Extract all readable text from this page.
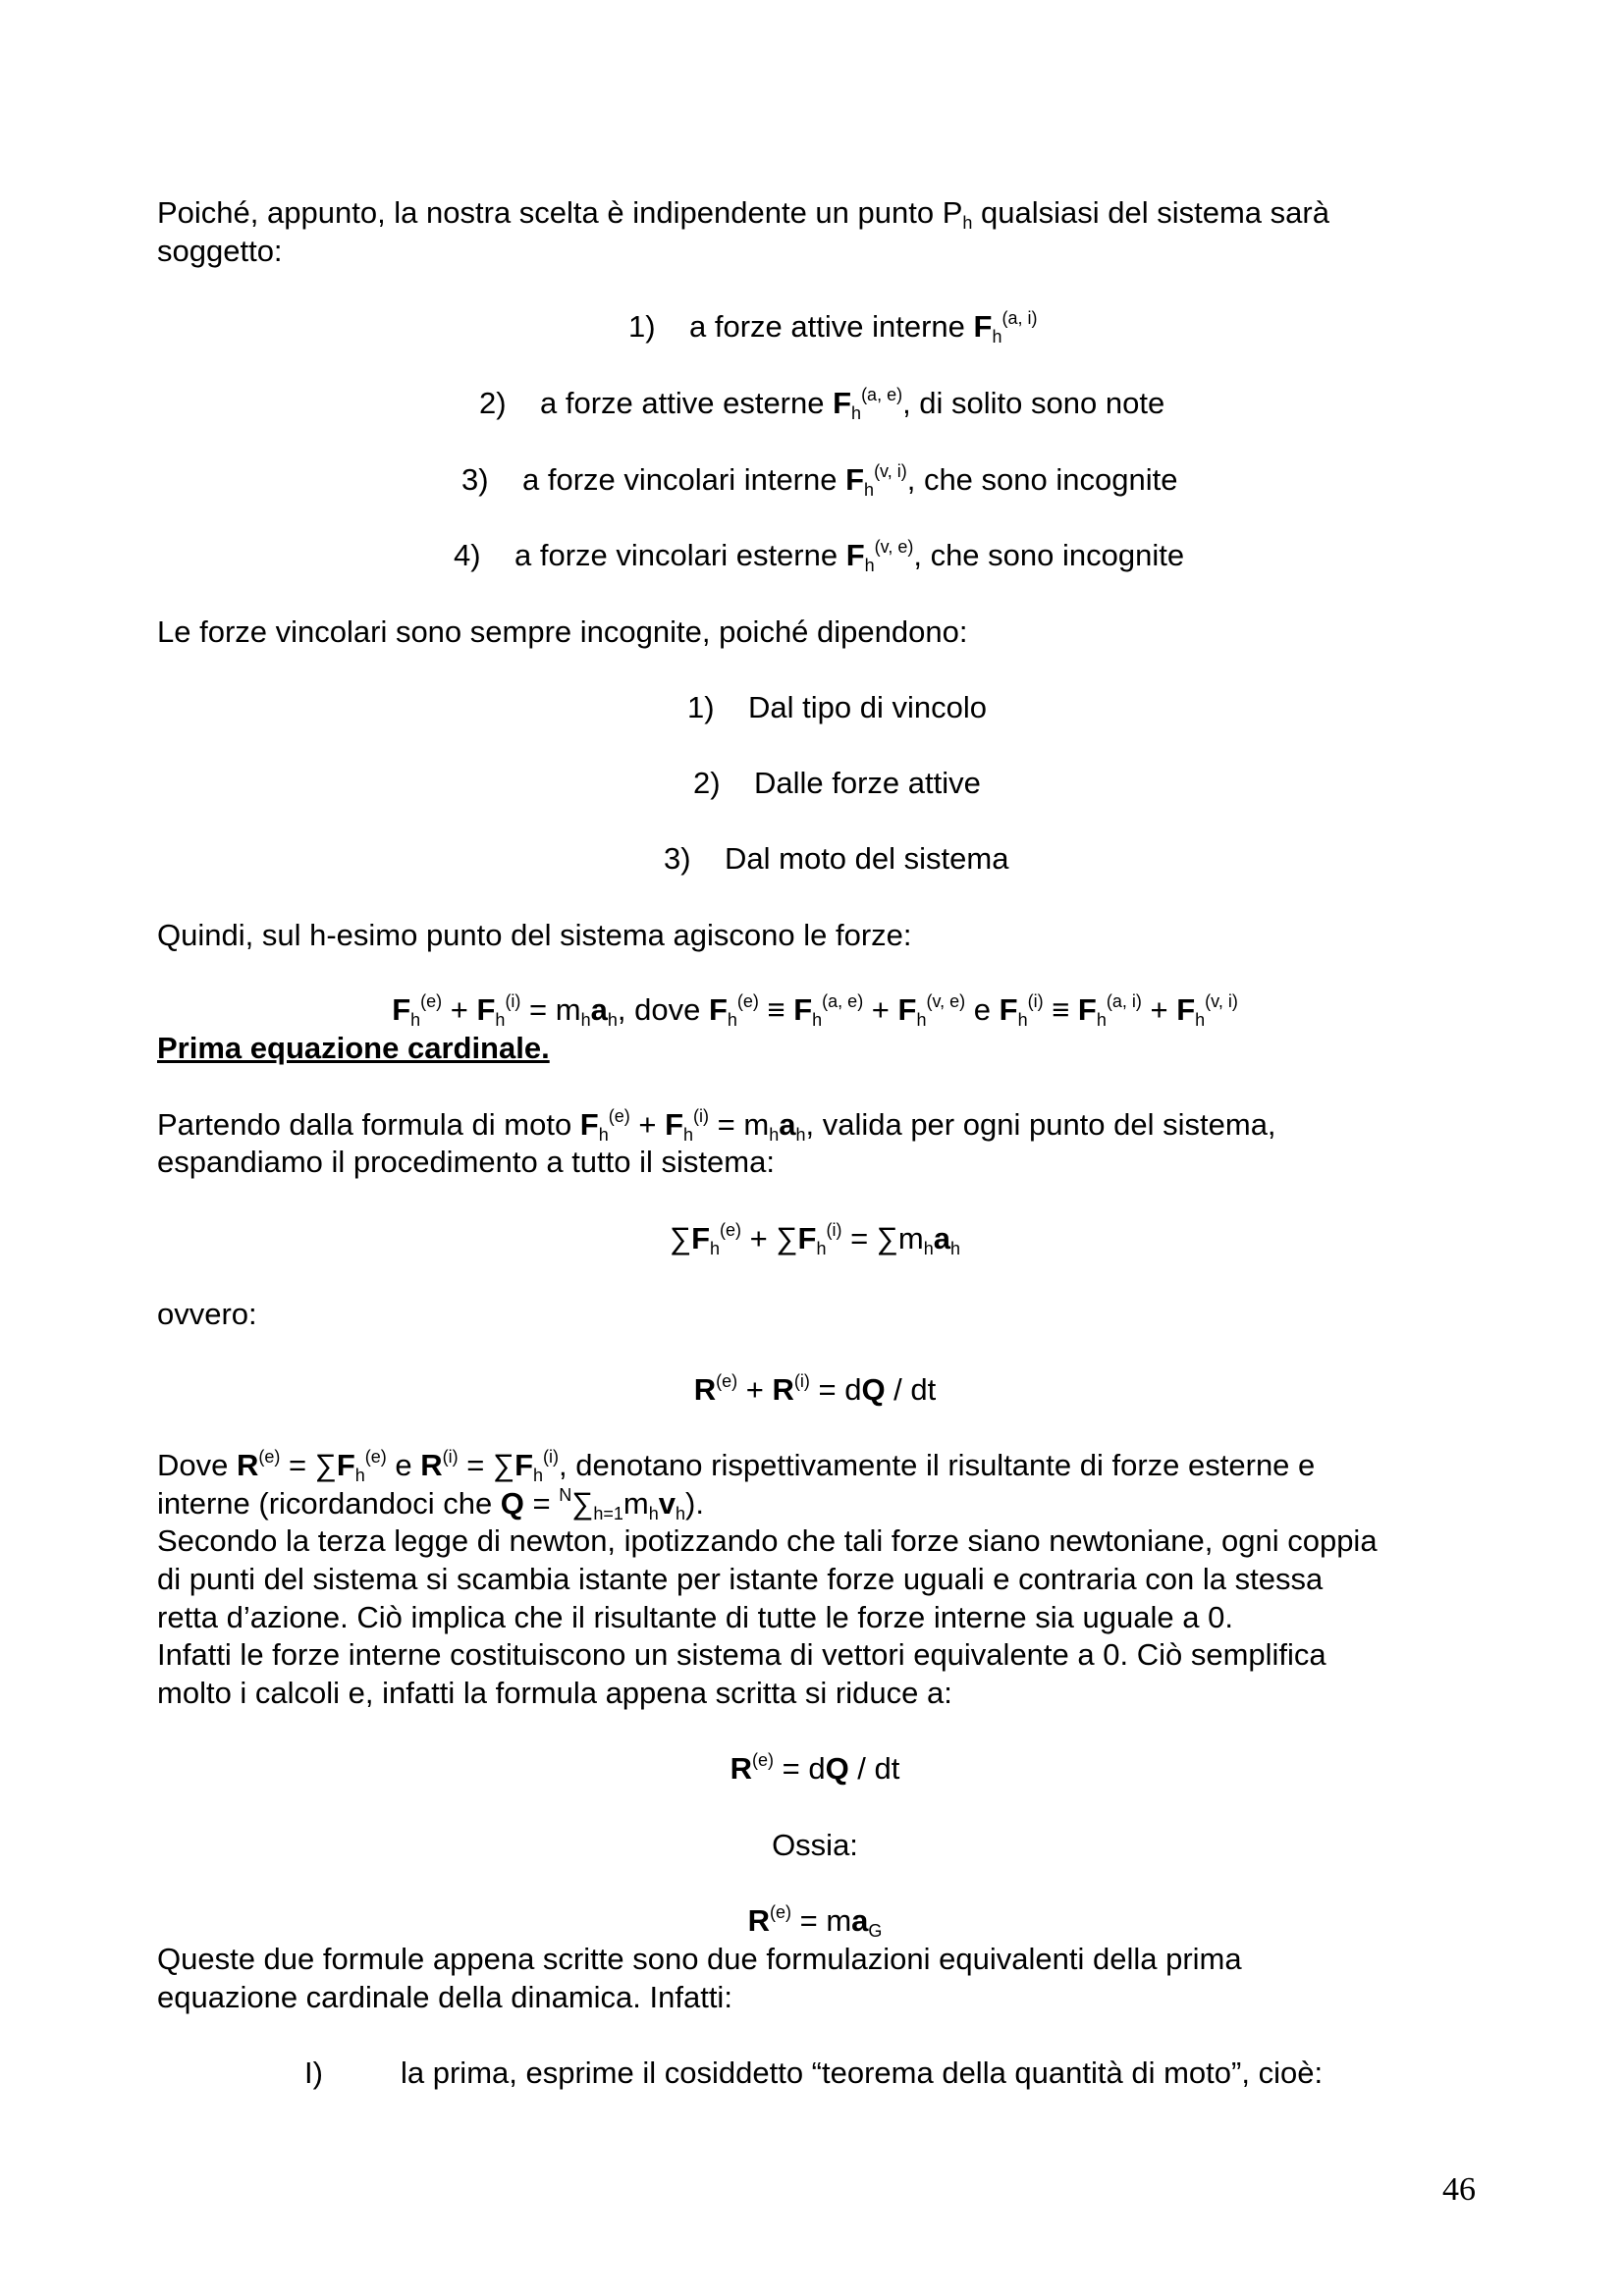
Poiché, appunto, la nostra scelta è indipendente un punto $P_h$ qualsiasi del sistema sarà
soggetto:
1) a forze attive interne $F_h^{(a, i)}$
2) a forze attive esterne $F_h^{(a, e)}$, di solito sono note
3) a forze vincolari interne $F_h^{(v, i)}$, che sono incognite
4) a forze vincolari esterne $F_h^{(v, e)}$, che sono incognite
Le forze vincolari sono sempre incognite, poiché dipendono:
1) Dal tipo di vincolo
2) Dalle forze attive
3) Dal moto del sistema
Quindi, sul h-esimo punto del sistema agiscono le forze:
$F_h^{(e)} + F_h^{(i)} = m_ha_h$, dove $F_h^{(e)} \equiv F_h^{(a, e)} + F_h^{(v, e)}$ e $F_h^{(i)} \equiv F_h^{(a, i)} + F_h^{(v, i)}$
Prima equazione cardinale.
Partendo dalla formula di moto $F_h^{(e)} + F_h^{(i)} = m_ha_h$, valida per ogni punto del sistema,
espandiamo il procedimento a tutto il sistema:
$\sum F_h^{(e)} + \sum F_h^{(i)} = \sum m_ha_h$
ovvero:
$R^{(e)} + R^{(i)}$ = dQ / dt
Dove $R^{(e)} = \sum F_h^{(e)}$ e $R^{(i)} = \sum F_h^{(i)}$, denotano rispettivamente il risultante di forze esterne e
interne (ricordandoci che $Q = ^N\sum_{h=1}m_hv_h$).
Secondo la terza legge di newton, ipotizzando che tali forze siano newtoniane, ogni coppia
di punti del sistema si scambia istante per istante forze uguali e contraria con la stessa
retta d’azione. Ciò implica che il risultante di tutte le forze interne sia uguale a 0.
Infatti le forze interne costituiscono un sistema di vettori equivalente a 0. Ciò semplifica
molto i calcoli e, infatti la formula appena scritta si riduce a:
$R^{(e)}$ = dQ / dt
Ossia:
$R^{(e)} = ma_G$
Queste due formule appena scritte sono due formulazioni equivalenti della prima
equazione cardinale della dinamica. Infatti:
I)	la prima, esprime il cosiddetto “teorema della quantità di moto”, cioè:
46
